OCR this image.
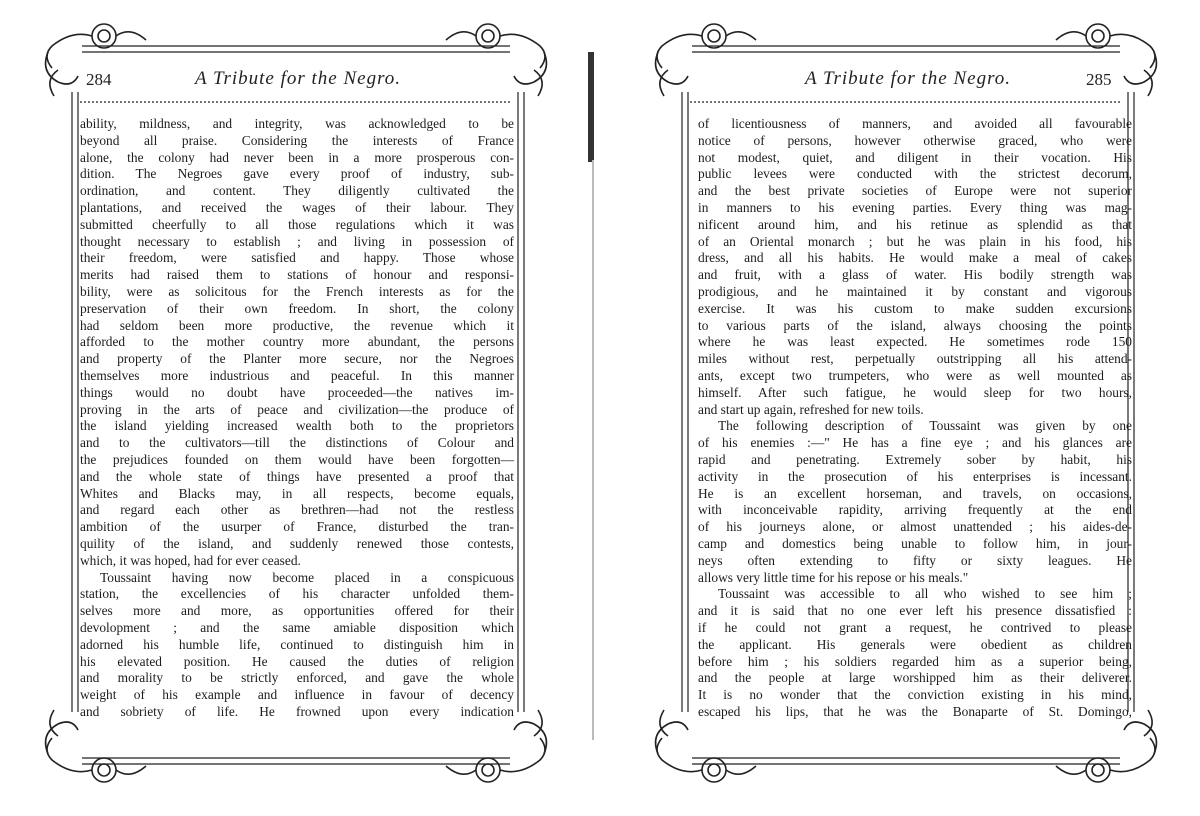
284	A Tribute for the Negro.
ability, mildness, and integrity, was acknowledged to be
beyond all praise. Considering the interests of France
alone, the colony had never been in a more prosperous con-
dition. The Negroes gave every proof of industry, sub-
ordination, and content. They diligently cultivated the
plantations, and received the wages of their labour. They
submitted cheerfully to all those regulations which it was
thought necessary to establish ; and living in possession of
their freedom, were satisfied and happy. Those whose
merits had raised them to stations of honour and responsi-
bility, were as solicitous for the French interests as for the
preservation of their own freedom. In short, the colony
had seldom been more productive, the revenue which it
afforded to the mother country more abundant, the persons
and property of the Planter more secure, nor the Negroes
themselves more industrious and peaceful. In this manner
things would no doubt have proceeded—the natives im-
proving in the arts of peace and civilization—the produce of
the island yielding increased wealth both to the proprietors
and to the cultivators—till the distinctions of Colour and
the prejudices founded on them would have been forgotten—
and the whole state of things have presented a proof that
Whites and Blacks may, in all respects, become equals,
and regard each other as brethren—had not the restless
ambition of the usurper of France, disturbed the tran-
quility of the island, and suddenly renewed those contests,
which, it was hoped, had for ever ceased.
Toussaint having now become placed in a conspicuous
station, the excellencies of his character unfolded them-
selves more and more, as opportunities offered for their
devolopment ; and the same amiable disposition which
adorned his humble life, continued to distinguish him in
his elevated position. He caused the duties of religion
and morality to be strictly enforced, and gave the whole
weight of his example and influence in favour of decency
and sobriety of life. He frowned upon every indication
285
A Tribute for the Negro.
of licentiousness of manners, and avoided all favourable
notice of persons, however otherwise graced, who were
not modest, quiet, and diligent in their vocation. His
public levees were conducted with the strictest decorum,
and the best private societies of Europe were not superior
in manners to his evening parties. Every thing was mag-
nificent around him, and his retinue as splendid as that
of an Oriental monarch ; but he was plain in his food, his
dress, and all his habits. He would make a meal of cakes
and fruit, with a glass of water. His bodily strength was
prodigious, and he maintained it by constant and vigorous
exercise. It was his custom to make sudden excursions
to various parts of the island, always choosing the points
where he was least expected. He sometimes rode 150
miles without rest, perpetually outstripping all his attend-
ants, except two trumpeters, who were as well mounted as
himself. After such fatigue, he would sleep for two hours,
and start up again, refreshed for new toils.
The following description of Toussaint was given by one
of his enemies :—" He has a fine eye ; and his glances are
rapid and penetrating. Extremely sober by habit, his
activity in the prosecution of his enterprises is incessant.
He is an excellent horseman, and travels, on occasions,
with inconceivable rapidity, arriving frequently at the end
of his journeys alone, or almost unattended ; his aides-de-
camp and domestics being unable to follow him, in jour-
neys often extending to fifty or sixty leagues. He
allows very little time for his repose or his meals."
Toussaint was accessible to all who wished to see him ;
and it is said that no one ever left his presence dissatisfied :
if he could not grant a request, he contrived to please
the applicant. His generals were obedient as children
before him ; his soldiers regarded him as a superior being,
and the people at large worshipped him as their deliverer.
It is no wonder that the conviction existing in his mind,
escaped his lips, that he was the Bonaparte of St. Domingo,
